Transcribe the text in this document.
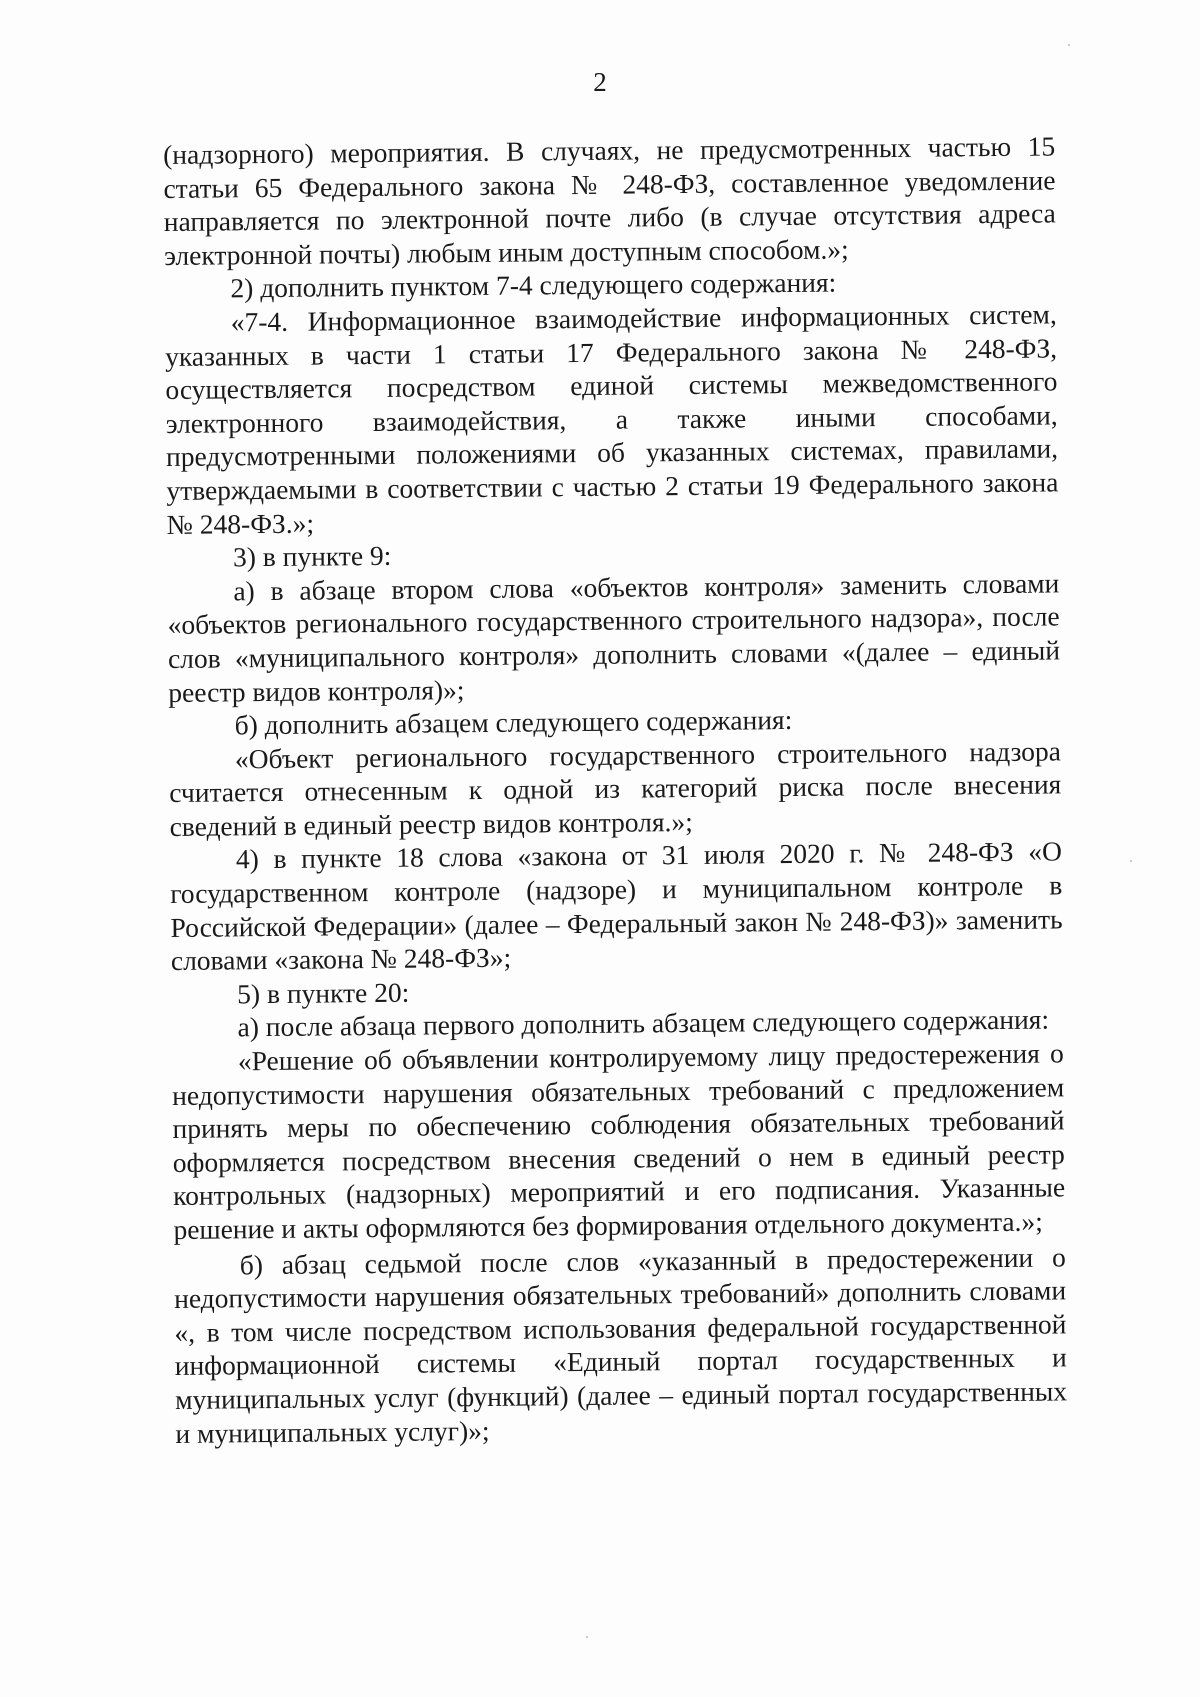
2

(надзорного) мероприятия. В случаях, не предусмотренных частью 15 статьи 65 Федерального закона № 248-ФЗ, составленное уведомление направляется по электронной почте либо (в случае отсутствия адреса электронной почты) любым иным доступным способом.»;

2) дополнить пунктом 7-4 следующего содержания:

«7-4. Информационное взаимодействие информационных систем, указанных в части 1 статьи 17 Федерального закона № 248-ФЗ, осуществляется посредством единой системы межведомственного электронного взаимодействия, а также иными способами, предусмотренными положениями об указанных системах, правилами, утверждаемыми в соответствии с частью 2 статьи 19 Федерального закона № 248-ФЗ.»;

3) в пункте 9:

а) в абзаце втором слова «объектов контроля» заменить словами «объектов регионального государственного строительного надзора», после слов «муниципального контроля» дополнить словами «(далее – единый реестр видов контроля)»;

б) дополнить абзацем следующего содержания:

«Объект регионального государственного строительного надзора считается отнесенным к одной из категорий риска после внесения сведений в единый реестр видов контроля.»;

4) в пункте 18 слова «закона от 31 июля 2020 г. № 248-ФЗ «О государственном контроле (надзоре) и муниципальном контроле в Российской Федерации» (далее – Федеральный закон № 248-ФЗ)» заменить словами «закона № 248-ФЗ»;

5) в пункте 20:

а) после абзаца первого дополнить абзацем следующего содержания:

«Решение об объявлении контролируемому лицу предостережения о недопустимости нарушения обязательных требований с предложением принять меры по обеспечению соблюдения обязательных требований оформляется посредством внесения сведений о нем в единый реестр контрольных (надзорных) мероприятий и его подписания. Указанные решение и акты оформляются без формирования отдельного документа.»;

б) абзац седьмой после слов «указанный в предостережении о недопустимости нарушения обязательных требований» дополнить словами «, в том числе посредством использования федеральной государственной информационной системы «Единый портал государственных и муниципальных услуг (функций) (далее – единый портал государственных и муниципальных услуг)»;
